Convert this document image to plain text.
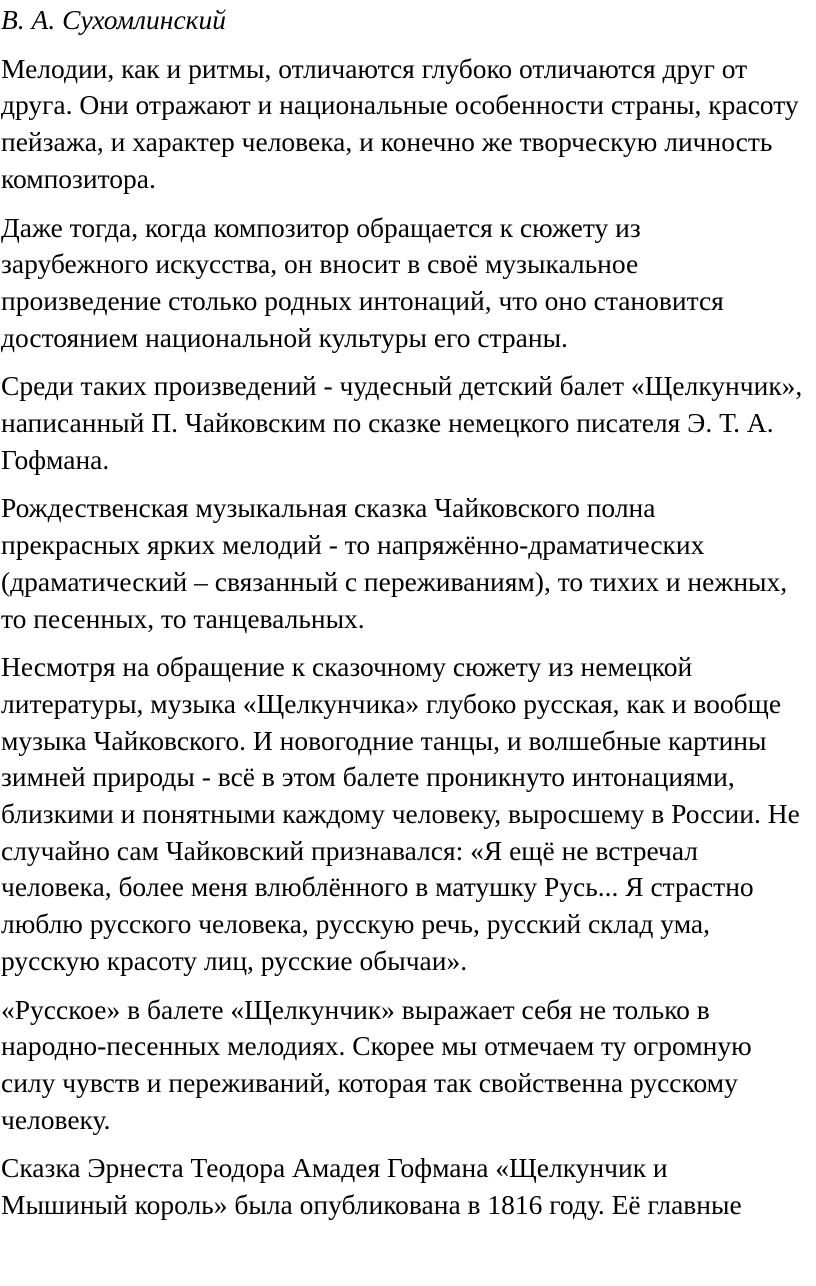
В. А. Сухомлинский
Мелодии, как и ритмы, отличаются глубоко отличаются друг от
друга. Они отражают и национальные особенности страны, красоту
пейзажа, и характер человека, и конечно же творческую личность
композитора.
Даже тогда, когда композитор обращается к сюжету из
зарубежного искусства, он вносит в своё музыкальное
произведение столько родных интонаций, что оно становится
достоянием национальной культуры его страны.
Среди таких произведений - чудесный детский балет «Щелкунчик»,
написанный П. Чайковским по сказке немецкого писателя Э. Т. А.
Гофмана.
Рождественская музыкальная сказка Чайковского полна
прекрасных ярких мелодий - то напряжённо-драматических
(драматический – связанный с переживаниям), то тихих и нежных,
то песенных, то танцевальных.
Несмотря на обращение к сказочному сюжету из немецкой
литературы, музыка «Щелкунчика» глубоко русская, как и вообще
музыка Чайковского. И новогодние танцы, и волшебные картины
зимней природы - всё в этом балете проникнуто интонациями,
близкими и понятными каждому человеку, выросшему в России. Не
случайно сам Чайковский признавался: «Я ещё не встречал
человека, более меня влюблённого в матушку Русь... Я страстно
люблю русского человека, русскую речь, русский склад ума,
русскую красоту лиц, русские обычаи».
«Русское» в балете «Щелкунчик» выражает себя не только в
народно-песенных мелодиях. Скорее мы отмечаем ту огромную
силу чувств и переживаний, которая так свойственна русскому
человеку.
Сказка Эрнеста Теодора Амадея Гофмана «Щелкунчик и
Мышиный король» была опубликована в 1816 году. Её главные
